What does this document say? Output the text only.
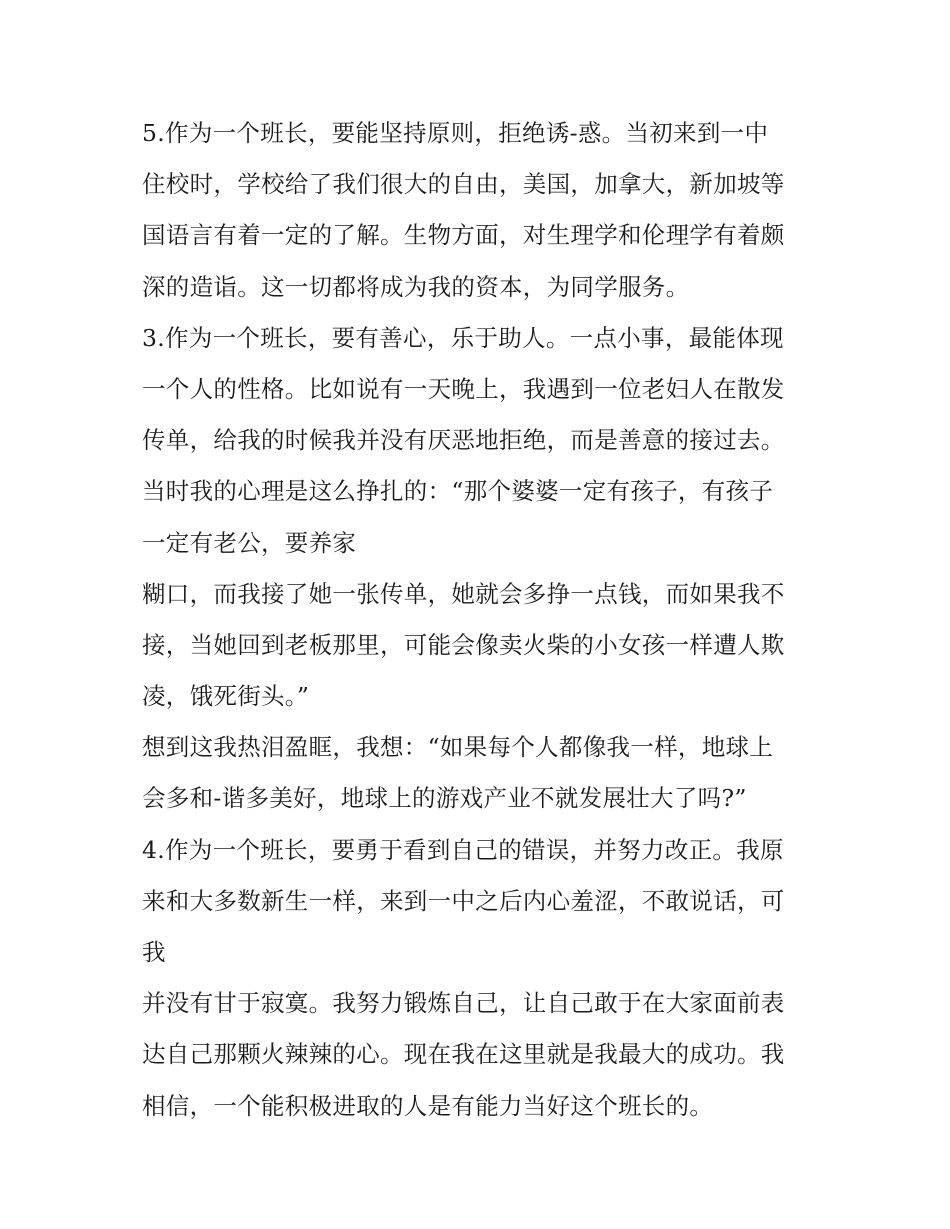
5.作为一个班长，要能坚持原则，拒绝诱-惑。当初来到一中
住校时，学校给了我们很大的自由，美国，加拿大，新加坡等
国语言有着一定的了解。生物方面，对生理学和伦理学有着颇
深的造诣。这一切都将成为我的资本，为同学服务。
3.作为一个班长，要有善心，乐于助人。一点小事，最能体现
一个人的性格。比如说有一天晚上，我遇到一位老妇人在散发
传单，给我的时候我并没有厌恶地拒绝，而是善意的接过去。
当时我的心理是这么挣扎的：“那个婆婆一定有孩子，有孩子
一定有老公，要养家
糊口，而我接了她一张传单，她就会多挣一点钱，而如果我不
接，当她回到老板那里，可能会像卖火柴的小女孩一样遭人欺
凌，饿死街头。”
想到这我热泪盈眶，我想：“如果每个人都像我一样，地球上
会多和-谐多美好，地球上的游戏产业不就发展壮大了吗?”
4.作为一个班长，要勇于看到自己的错误，并努力改正。我原
来和大多数新生一样，来到一中之后内心羞涩，不敢说话，可
我
并没有甘于寂寞。我努力锻炼自己，让自己敢于在大家面前表
达自己那颗火辣辣的心。现在我在这里就是我最大的成功。我
相信，一个能积极进取的人是有能力当好这个班长的。
